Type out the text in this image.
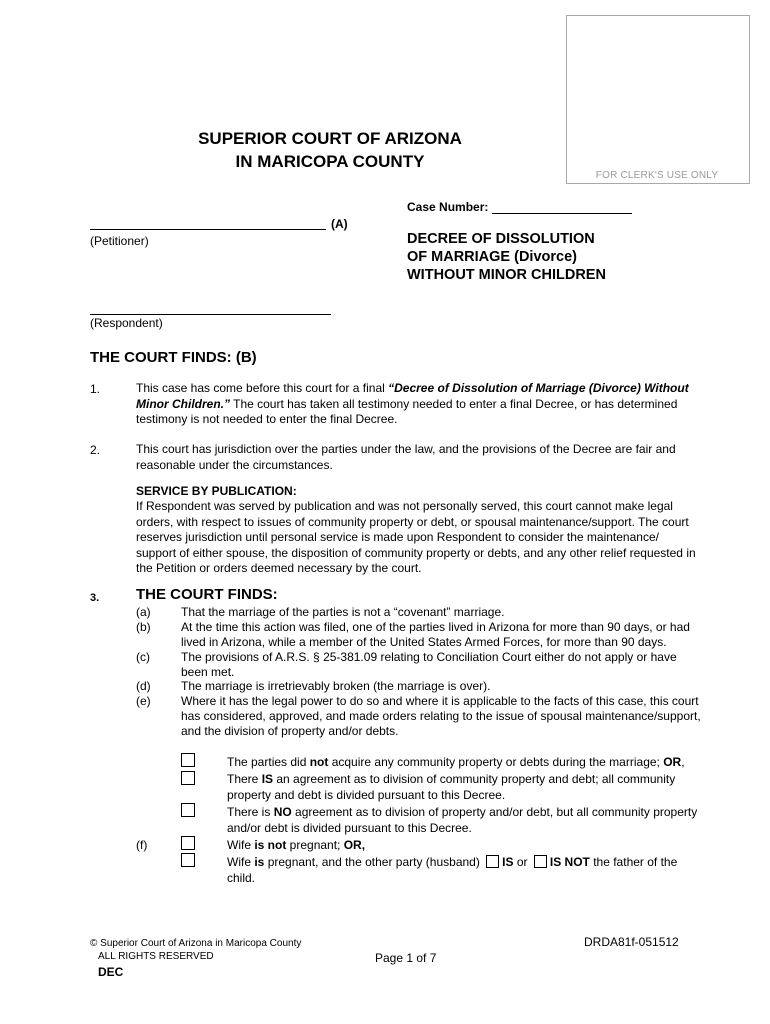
FOR CLERK'S USE ONLY
SUPERIOR COURT OF ARIZONA
IN MARICOPA COUNTY
Case Number:
(A)
(Petitioner)	DECREE OF DISSOLUTION
OF MARRIAGE (Divorce)
WITHOUT MINOR CHILDREN
(Respondent)
THE COURT FINDS: (B)
1.	This case has come before this court for a final “Decree of Dissolution of Marriage (Divorce) Without
Minor Children.” The court has taken all testimony needed to enter a final Decree, or has determined
testimony is not needed to enter the final Decree.
2.	This court has jurisdiction over the parties under the law, and the provisions of the Decree are fair and
reasonable under the circumstances.
SERVICE BY PUBLICATION:
If Respondent was served by publication and was not personally served, this court cannot make legal
orders, with respect to issues of community property or debt, or spousal maintenance/support. The court
reserves jurisdiction until personal service is made upon Respondent to consider the maintenance/
support of either spouse, the disposition of community property or debts, and any other relief requested in
the Petition or orders deemed necessary by the court.
3. THE COURT FINDS:
(a)	That the marriage of the parties is not a “covenant” marriage.
(b)	At the time this action was filed, one of the parties lived in Arizona for more than 90 days, or had
lived in Arizona, while a member of the United States Armed Forces, for more than 90 days.
(c)	The provisions of A.R.S. § 25-381.09 relating to Conciliation Court either do not apply or have
been met.
(d)	The marriage is irretrievably broken (the marriage is over).
(e)	Where it has the legal power to do so and where it is applicable to the facts of this case, this court
has considered, approved, and made orders relating to the issue of spousal maintenance/support,
and the division of property and/or debts.
The parties did not acquire any community property or debts during the marriage; OR,
There IS an agreement as to division of community property and debt; all community
property and debt is divided pursuant to this Decree.
There is NO agreement as to division of property and/or debt, but all community property
and/or debt is divided pursuant to this Decree.
(f)	Wife is not pregnant; OR,
Wife is pregnant, and the other party (husband) IS or IS NOT the father of the
child.
© Superior Court of Arizona in Maricopa County
ALL RIGHTS RESERVED
DEC
Page 1 of 7
DRDA81f-051512
